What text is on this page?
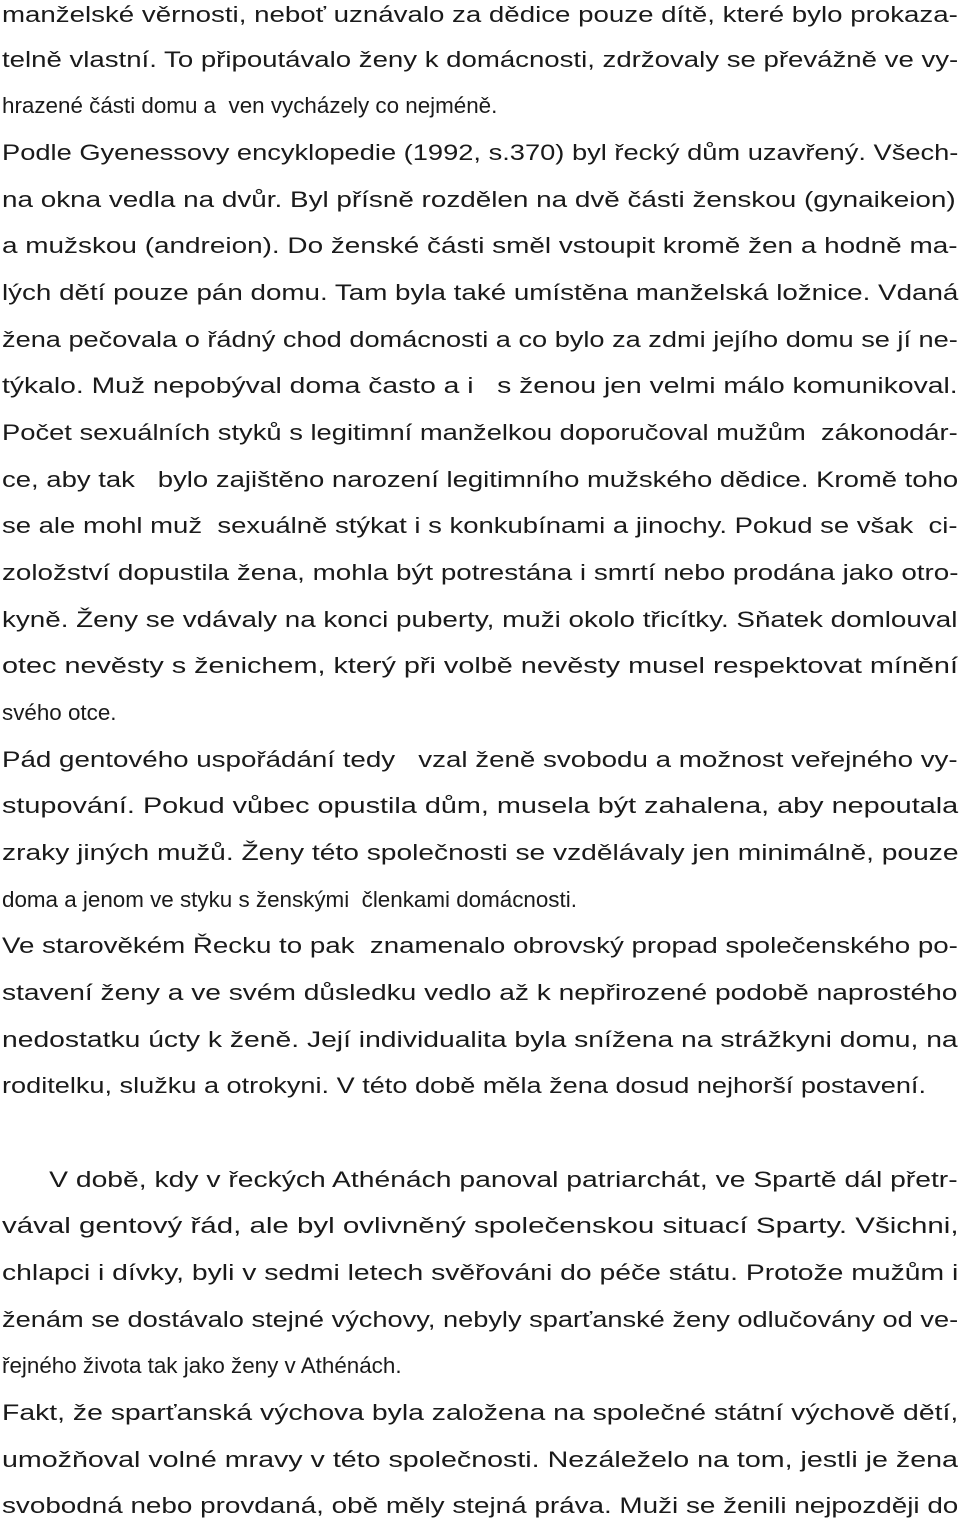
manželské věrnosti, neboť uznávalo za dědice pouze dítě, které bylo prokaza-
telně vlastní. To připoutávalo ženy k domácnosti, zdržovaly se převážně ve vy-
hrazené části domu a  ven vycházely co nejméně.
Podle Gyenessovy encyklopedie (1992, s.370) byl řecký dům uzavřený. Všech-
na okna vedla na dvůr. Byl přísně rozdělen na dvě části ženskou (gynaikeion)
a mužskou (andreion). Do ženské části směl vstoupit kromě žen a hodně ma-
lých dětí pouze pán domu. Tam byla také umístěna manželská ložnice. Vdaná
žena pečovala o řádný chod domácnosti a co bylo za zdmi jejího domu se jí ne-
týkalo. Muž nepobýval doma často a i   s ženou jen velmi málo komunikoval.
Počet sexuálních styků s legitimní manželkou doporučoval mužům  zákonodár-
ce, aby tak   bylo zajištěno narození legitimního mužského dědice. Kromě toho
se ale mohl muž  sexuálně stýkat i s konkubínami a jinochy. Pokud se však  ci-
zoložství dopustila žena, mohla být potrestána i smrtí nebo prodána jako otro-
kyně. Ženy se vdávaly na konci puberty, muži okolo třicítky. Sňatek domlouval
otec nevěsty s ženichem, který při volbě nevěsty musel respektovat mínění
svého otce.
Pád gentového uspořádání tedy   vzal ženě svobodu a možnost veřejného vy-
stupování. Pokud vůbec opustila dům, musela být zahalena, aby nepoutala
zraky jiných mužů. Ženy této společnosti se vzdělávaly jen minimálně, pouze
doma a jenom ve styku s ženskými  členkami domácnosti.
Ve starověkém Řecku to pak  znamenalo obrovský propad společenského po-
stavení ženy a ve svém důsledku vedlo až k nepřirozené podobě naprostého
nedostatku úcty k ženě. Její individualita byla snížena na strážkyni domu, na
roditelku, služku a otrokyni. V této době měla žena dosud nejhorší postavení.
V době, kdy v řeckých Athénách panoval patriarchát, ve Spartě dál přetr-
vával gentový řád, ale byl ovlivněný společenskou situací Sparty. Všichni,
chlapci i dívky, byli v sedmi letech svěřováni do péče státu. Protože mužům i
ženám se dostávalo stejné výchovy, nebyly sparťanské ženy odlučovány od ve-
řejného života tak jako ženy v Athénách.
Fakt, že sparťanská výchova byla založena na společné státní výchově dětí,
umožňoval volné mravy v této společnosti. Nezáleželo na tom, jestli je žena
svobodná nebo provdaná, obě měly stejná práva. Muži se ženili nejpozději do
